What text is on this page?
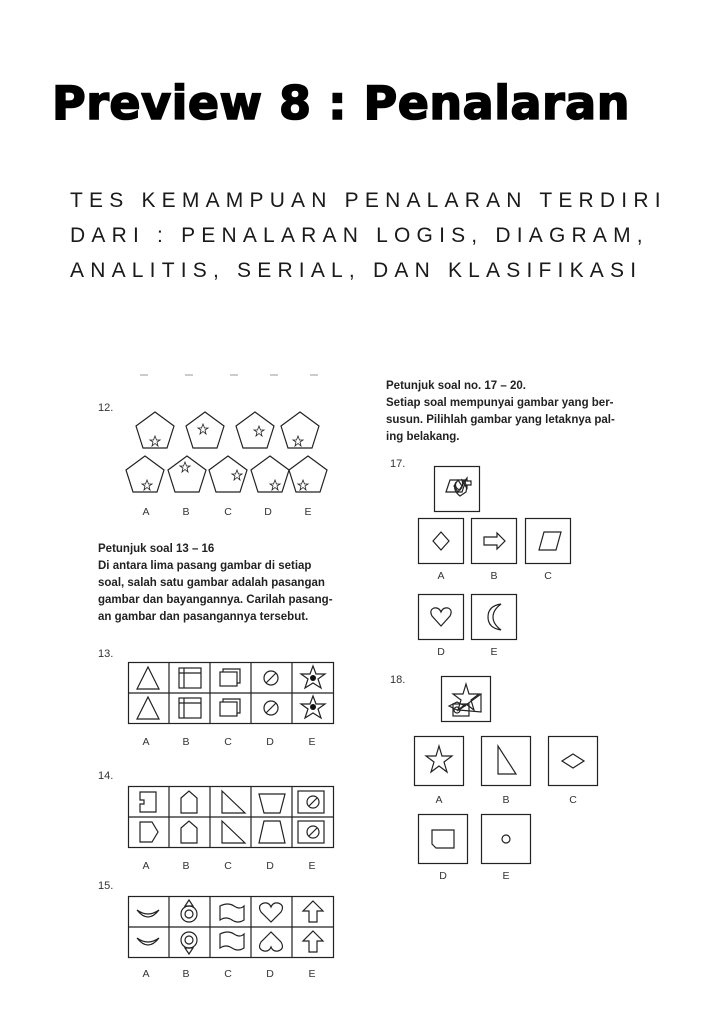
Preview 8 : Penalaran

TES KEMAMPUAN PENALARAN TERDIRI DARI : PENALARAN LOGIS, DIAGRAM, ANALITIS, SERIAL, DAN KLASIFIKASI

12.
A	B	C	D	E
Petunjuk soal 13 – 16
Di antara lima pasang gambar di setiap
soal, salah satu gambar adalah pasangan
gambar dan bayangannya. Carilah pasang-
an gambar dan pasangannya tersebut.
13.
A	B	C	D	E
14.
A	B	C	D	E
15.
A	B	C	D	E
Petunjuk soal no. 17 – 20.
Setiap soal mempunyai gambar yang ber-
susun. Pilihlah gambar yang letaknya pal-
ing belakang.
17.
A	B	C
D	E
18.
A	B	C
D	E
